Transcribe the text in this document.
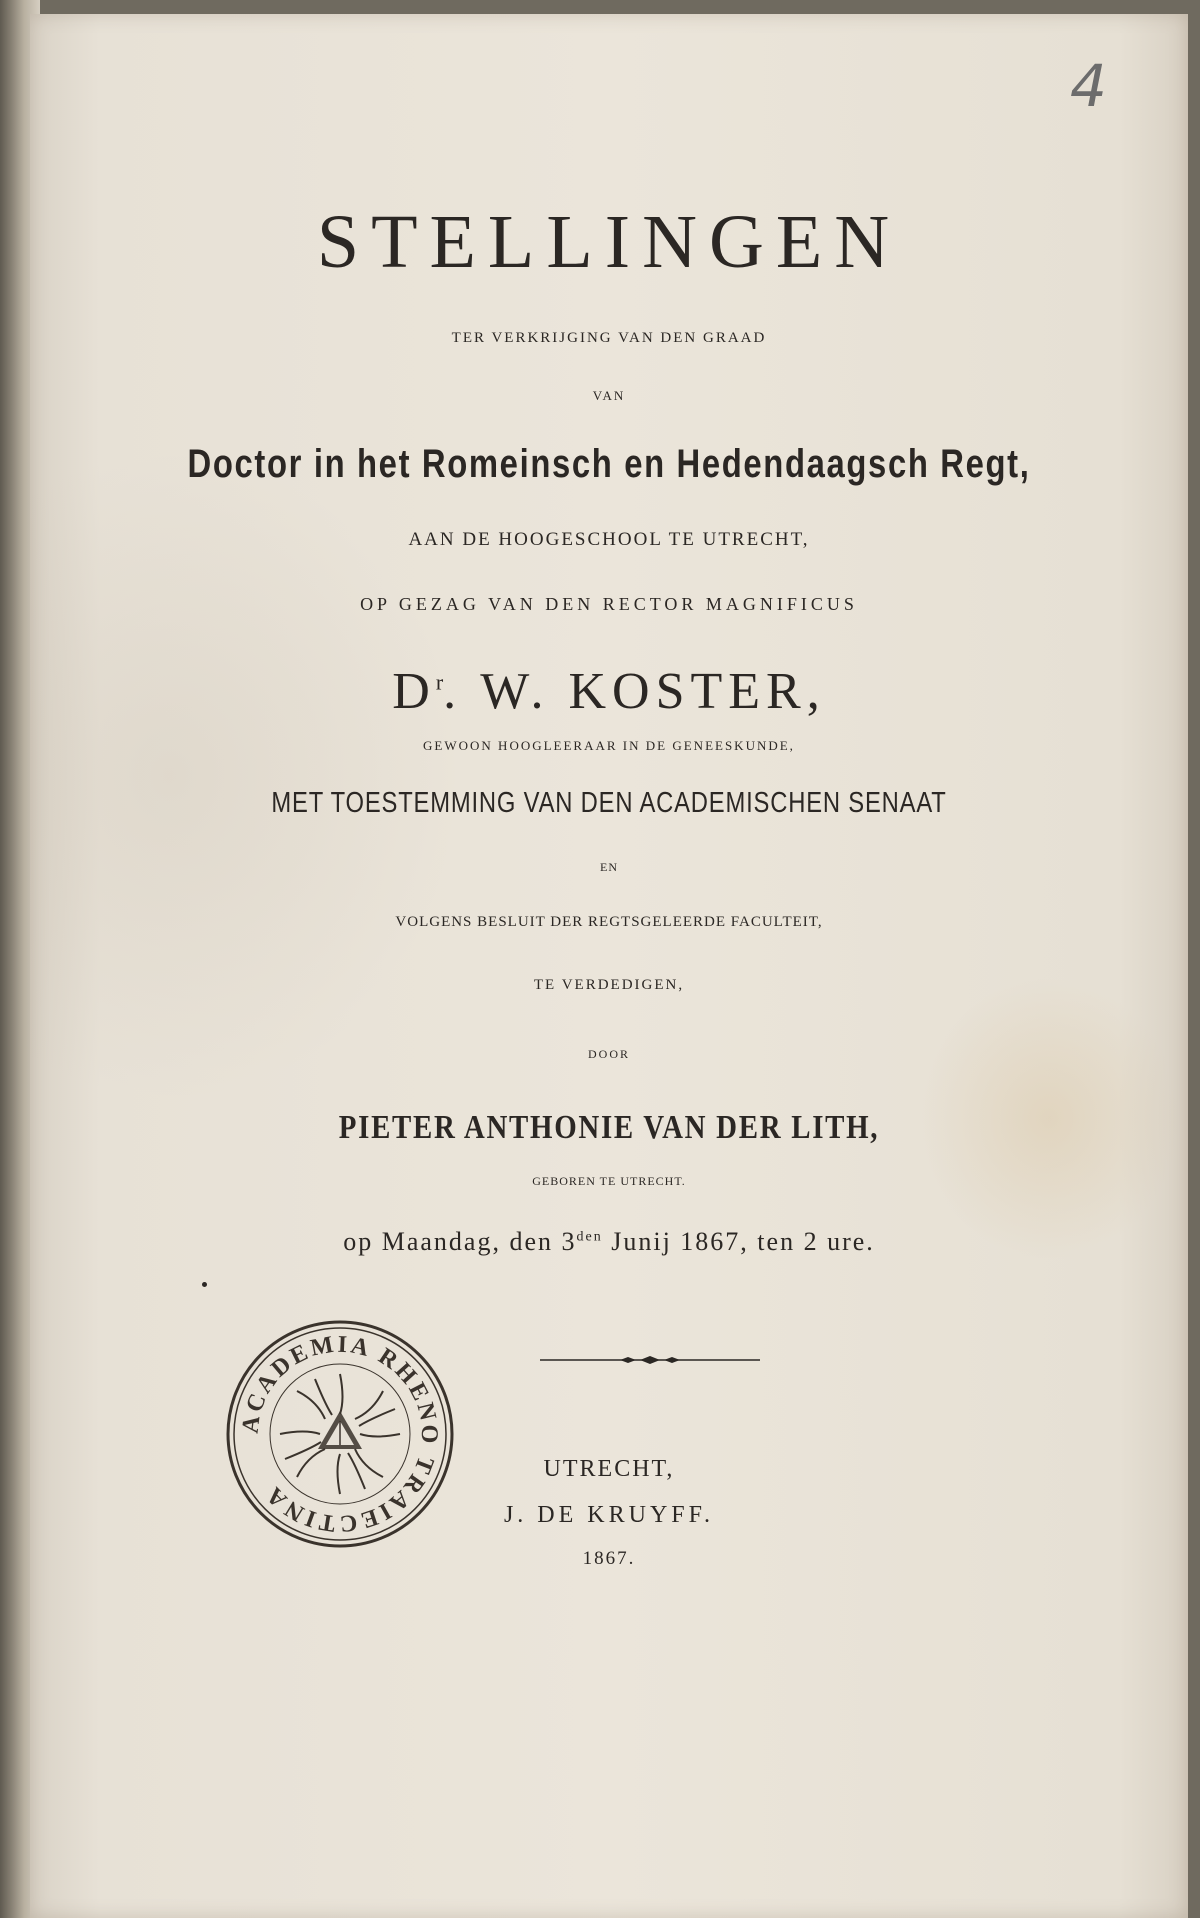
4
STELLINGEN
TER VERKRIJGING VAN DEN GRAAD
VAN
Doctor in het Romeinsch en Hedendaagsch Regt,
AAN DE HOOGESCHOOL TE UTRECHT,
OP GEZAG VAN DEN RECTOR MAGNIFICUS
$D^r$. W. KOSTER,
GEWOON HOOGLEERAAR IN DE GENEESKUNDE,
MET TOESTEMMING VAN DEN ACADEMISCHEN SENAAT
EN
VOLGENS BESLUIT DER REGTSGELEERDE FACULTEIT,
TE VERDEDIGEN,
DOOR
PIETER ANTHONIE VAN DER LITH,
GEBOREN TE UTRECHT.
op Maandag, den $3^{den}$ Junij 1867, ten 2 ure.
ACADEMIA RHENO TRAIECTINA
UTRECHT,
J. DE KRUYFF.
1867.
